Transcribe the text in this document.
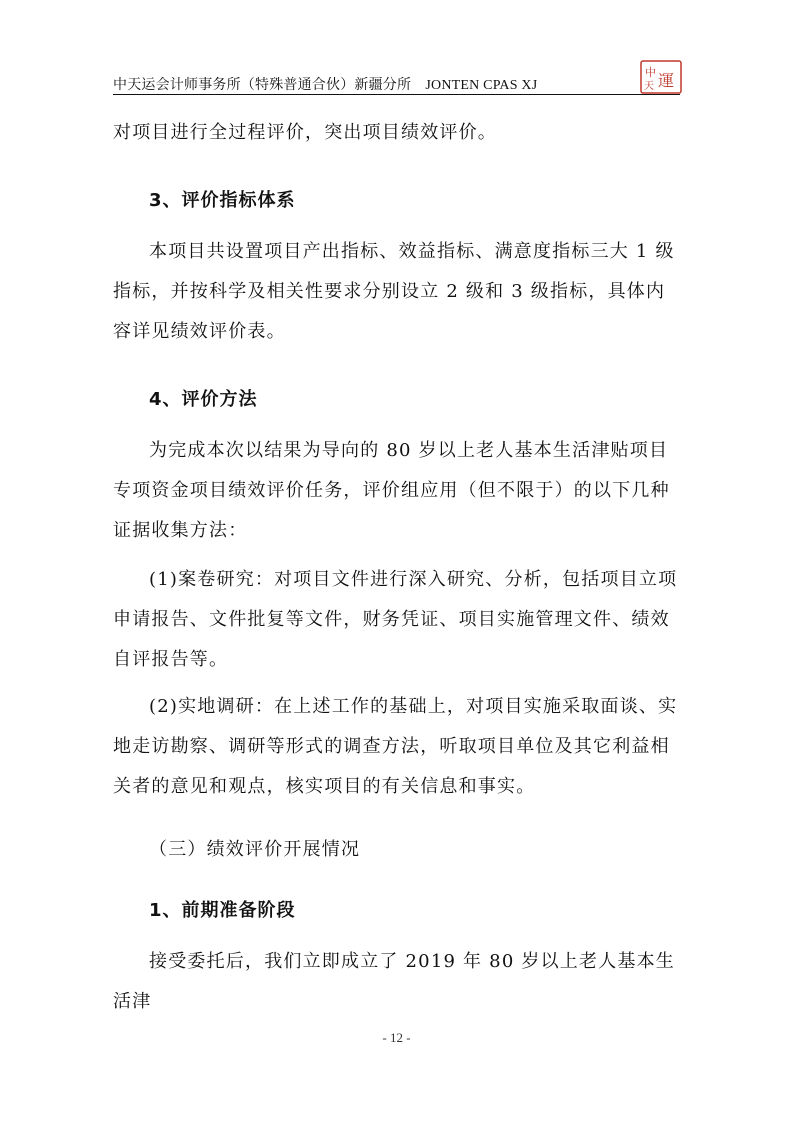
中天运会计师事务所（特殊普通合伙）新疆分所　JONTEN CPAS XJ
中 運
天

对项目进行全过程评价，突出项目绩效评价。

3、评价指标体系

本项目共设置项目产出指标、效益指标、满意度指标三大 1 级指标，并按科学及相关性要求分别设立 2 级和 3 级指标，具体内容详见绩效评价表。

4、评价方法

为完成本次以结果为导向的 80 岁以上老人基本生活津贴项目专项资金项目绩效评价任务，评价组应用（但不限于）的以下几种证据收集方法：

(1)案卷研究：对项目文件进行深入研究、分析，包括项目立项申请报告、文件批复等文件，财务凭证、项目实施管理文件、绩效自评报告等。

(2)实地调研：在上述工作的基础上，对项目实施采取面谈、实地走访勘察、调研等形式的调查方法，听取项目单位及其它利益相关者的意见和观点，核实项目的有关信息和事实。

（三）绩效评价开展情况

1、前期准备阶段

接受委托后，我们立即成立了 2019 年 80 岁以上老人基本生活津

- 12 -
